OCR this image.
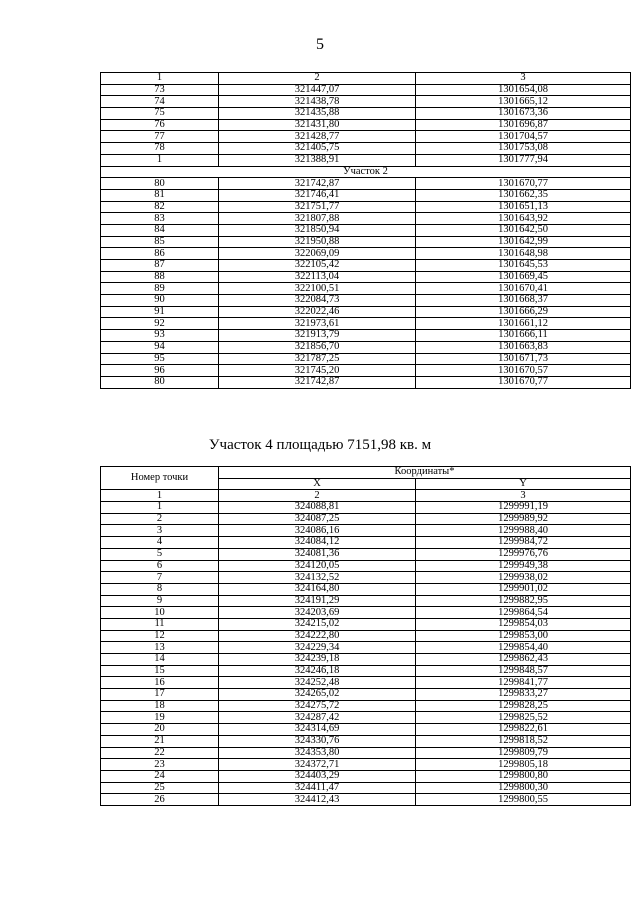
5
1	2	3
73	321447,07	1301654,08
74	321438,78	1301665,12
75	321435,88	1301673,36
76	321431,80	1301696,87
77	321428,77	1301704,57
78	321405,75	1301753,08
1	321388,91	1301777,94
Участок 2		
80	321742,87	1301670,77
81	321746,41	1301662,35
82	321751,77	1301651,13
83	321807,88	1301643,92
84	321850,94	1301642,50
85	321950,88	1301642,99
86	322069,09	1301648,98
87	322105,42	1301645,53
88	322113,04	1301669,45
89	322100,51	1301670,41
90	322084,73	1301668,37
91	322022,46	1301666,29
92	321973,61	1301661,12
93	321913,79	1301666,11
94	321856,70	1301663,83
95	321787,25	1301671,73
96	321745,20	1301670,57
80	321742,87	1301670,77
Участок 4 площадью 7151,98 кв. м
Номер точки	Координаты*	
	X	Y
1	2	3
1	324088,81	1299991,19
2	324087,25	1299989,92
3	324086,16	1299988,40
4	324084,12	1299984,72
5	324081,36	1299976,76
6	324120,05	1299949,38
7	324132,52	1299938,02
8	324164,80	1299901,02
9	324191,29	1299882,95
10	324203,69	1299864,54
11	324215,02	1299854,03
12	324222,80	1299853,00
13	324229,34	1299854,40
14	324239,18	1299862,43
15	324246,18	1299848,57
16	324252,48	1299841,77
17	324265,02	1299833,27
18	324275,72	1299828,25
19	324287,42	1299825,52
20	324314,69	1299822,61
21	324330,76	1299818,52
22	324353,80	1299809,79
23	324372,71	1299805,18
24	324403,29	1299800,80
25	324411,47	1299800,30
26	324412,43	1299800,55
